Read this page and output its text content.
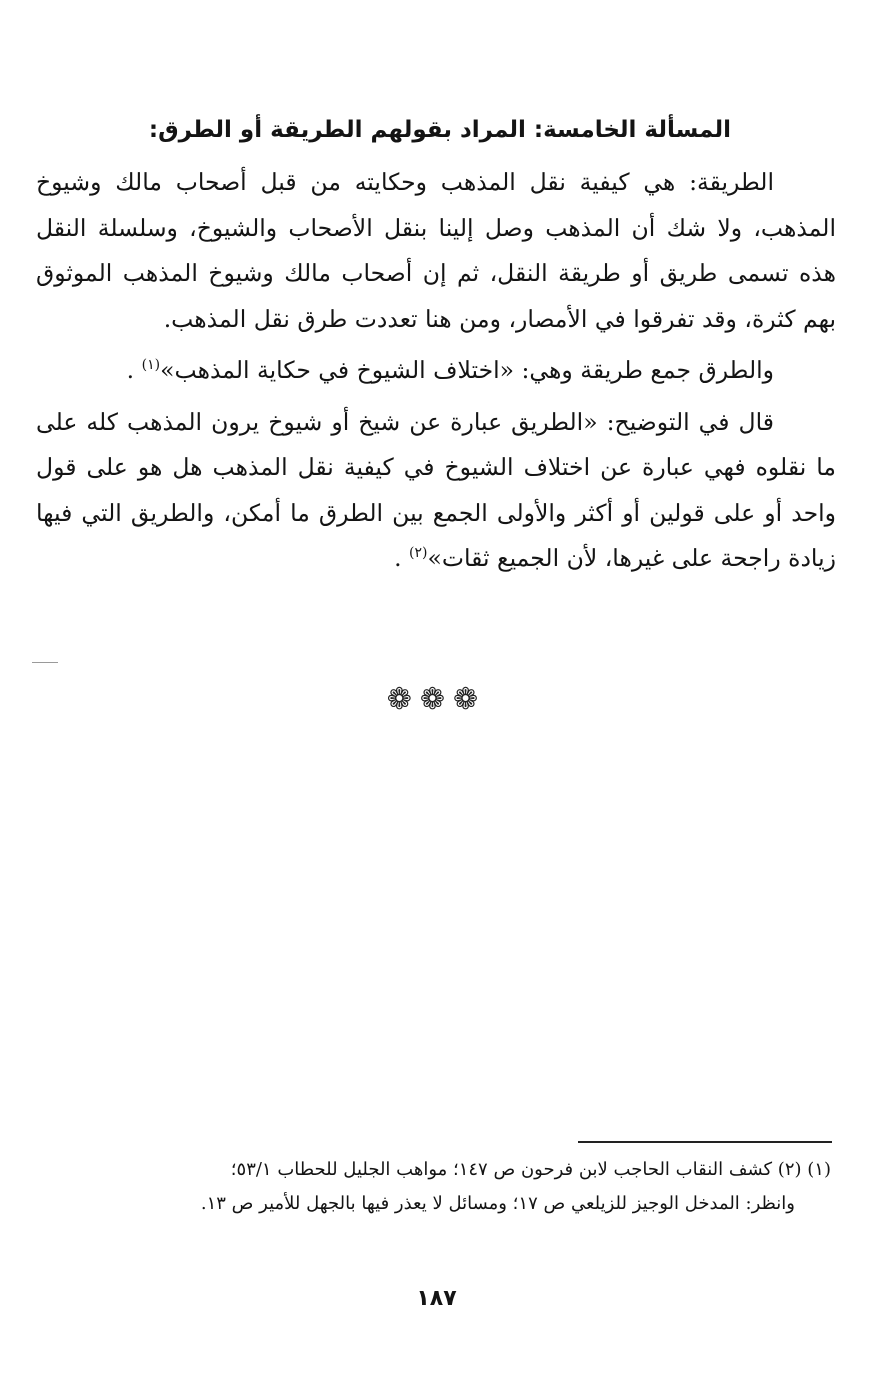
المسألة الخامسة: المراد بقولهم الطريقة أو الطرق:

الطريقة: هي كيفية نقل المذهب وحكايته من قبل أصحاب مالك وشيوخ المذهب، ولا شك أن المذهب وصل إلينا بنقل الأصحاب والشيوخ، وسلسلة النقل هذه تسمى طريق أو طريقة النقل، ثم إن أصحاب مالك وشيوخ المذهب الموثوق بهم كثرة، وقد تفرقوا في الأمصار، ومن هنا تعددت طرق نقل المذهب.

والطرق جمع طريقة وهي: «اختلاف الشيوخ في حكاية المذهب»$^{(١)}$ .

قال في التوضيح: «الطريق عبارة عن شيخ أو شيوخ يرون المذهب كله على ما نقلوه فهي عبارة عن اختلاف الشيوخ في كيفية نقل المذهب هل هو على قول واحد أو على قولين أو أكثر والأولى الجمع بين الطرق ما أمكن، والطريق التي فيها زيادة راجحة على غيرها، لأن الجميع ثقات»$^{(٢)}$ .

❁❁❁

(١) (٢) كشف النقاب الحاجب لابن فرحون ص ١٤٧؛ مواهب الجليل للحطاب ٥٣/١؛

وانظر: المدخل الوجيز للزيلعي ص ١٧؛ ومسائل لا يعذر فيها بالجهل للأمير ص ١٣.

١٨٧
